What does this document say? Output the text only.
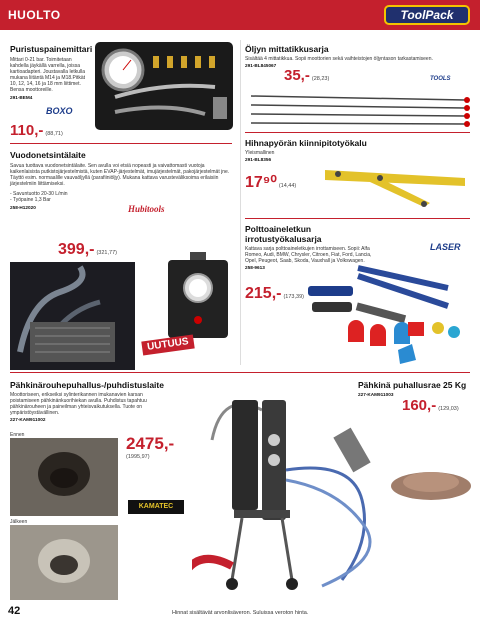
HUOLTO	ToolPack
Puristuspainemittari
Mittari 0-21 bar. Toimitetaan kahdella jäykällä varrella, joissa kartioadapteri. Joustavalla letkulla mukana liitäntä M14 ja M18.Pitkät 10, 12, 14, 16 ja 18 mm liittimet. Bensa moottoreille.
291-BEM4
BOXO
110,- (88,71)
Vuodonetsintälaite
Savua tuottava vuodonetsintälaite. Sen avulla voi etsiä nopeasti ja vaivattomasti vuotoja kaikenlaisista putkistojärjestelmistä, kuten EVAP-järjestelmät, imujärjestelmät, pakojärjestelmät jne. Täyttö esim. normaalille vauvaöljyllä (parafiiniöljy). Mukana kattava varusteväliksoima erilaisiin järjestelmiin liittämiseksi.
- Savuntuotto 20-30 L/min
- Työpaine 1,3 Bar
258-H12020	Hubitools
399,- (321,77)
UUTUUS
Öljyn mittatikkusarja
Sisältää 4 mittatikkua. Sopii moottorien sekä vaihteistojen öljyntason tarkastamiseen.
291-BL845067
35,- (28,23)	TOOLS
Hihnapyörän kiinnipitotyökalu
Yleismallinen
291-BL8356
17⁹⁰ (14,44)
Polttoaineletkun irrotustyökalusarja
Kattava sarja polttoaineletkujen irrottamiseen. Sopii: Alfa Romeo, Audi, BMW, Chrysler, Citroen, Fiat, Ford, Lancia, Opel, Peugeot, Saab, Skoda, Vauxhall ja Volkswagen.
258-9613
LASER
215,- (173,39)
Pähkinärouhepuhallus-/puhdistuslaite
Moottoriseen, erikseiksi sylinterikannen imukanavien karsan poistamiseen pähkinänkuorihiekan avulla. Puhdistus tapahtuu pähkinärouheen ja paineilman yhteisvaikutuksella. Tuote on ympäristöystävällinen.
227-KAM911002
Ennen
Jälkeen
2475,-
(1995,97)
KAMATEC
Pähkinä puhallusrae 25 Kg
227-KAM911003
160,- (129,03)
42	Hinnat sisältävät arvonlisäveron. Suluissa veroton hinta.
